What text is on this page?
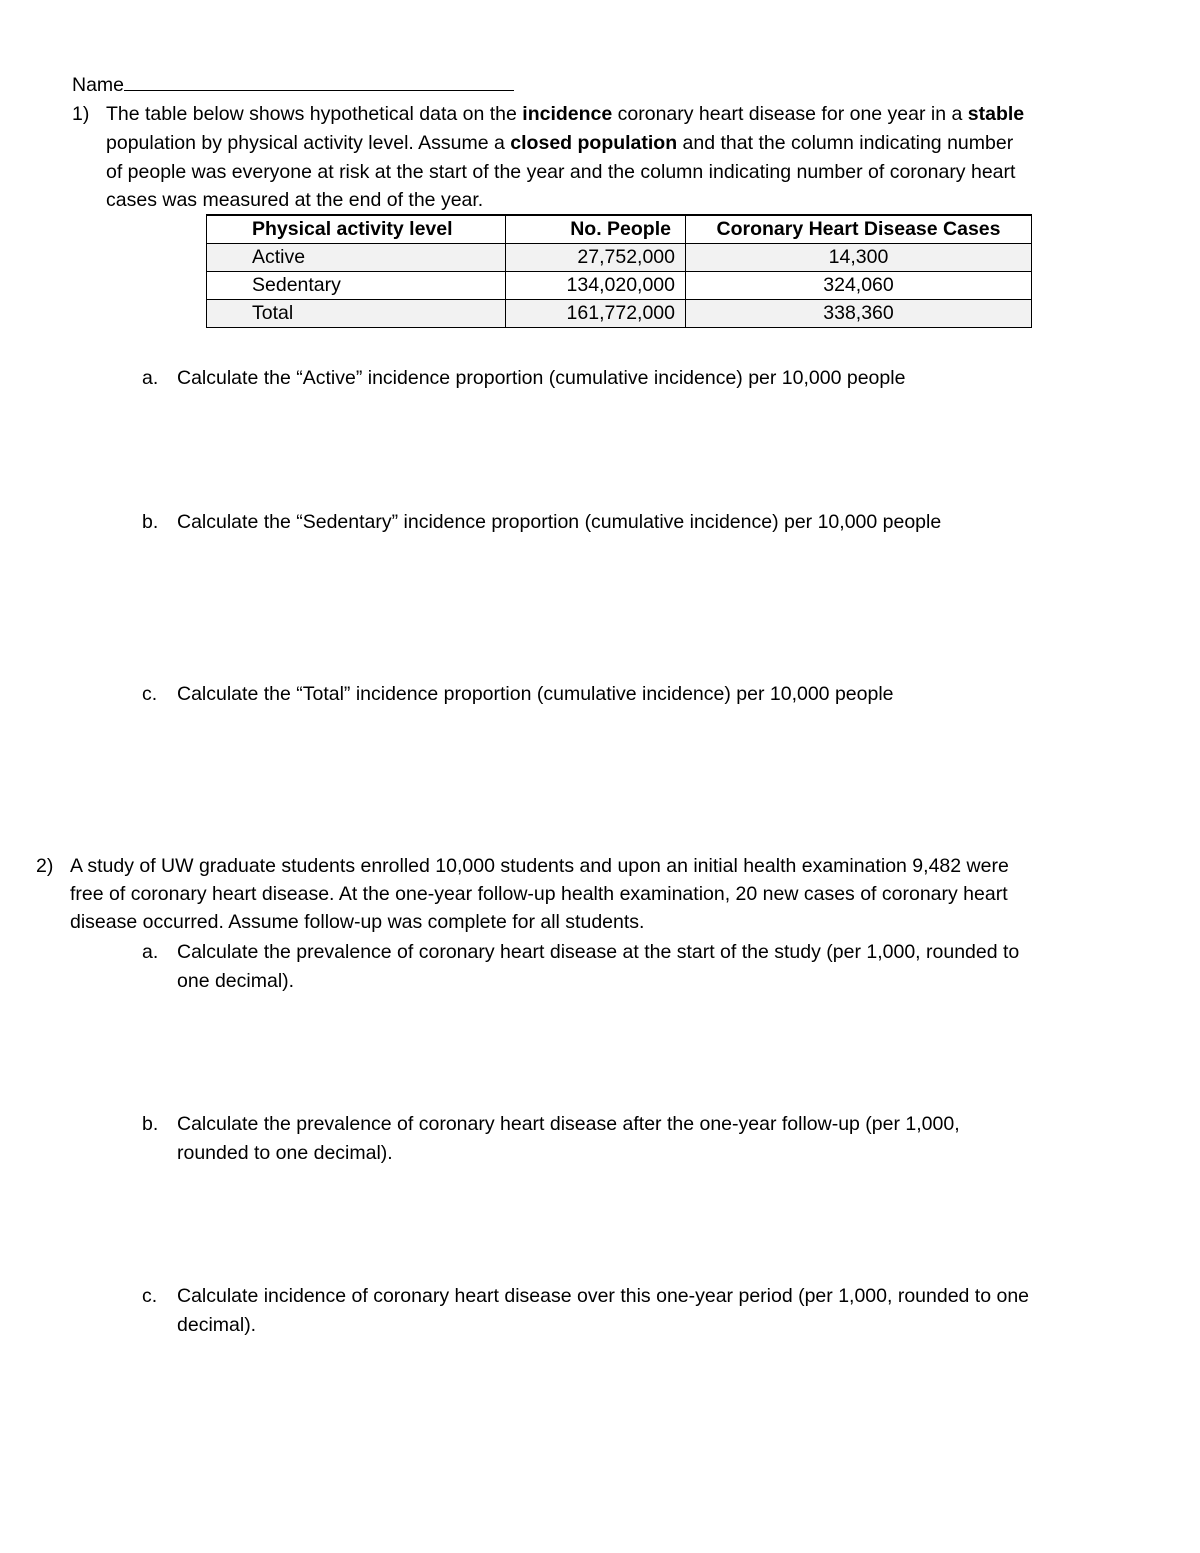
Name
1) The table below shows hypothetical data on the incidence coronary heart disease for one year in a stable
population by physical activity level. Assume a closed population and that the column indicating number
of people was everyone at risk at the start of the year and the column indicating number of coronary heart
cases was measured at the end of the year.
Physical activity level	No. People	Coronary Heart Disease Cases
Active	27,752,000	14,300
Sedentary	134,020,000	324,060
Total	161,772,000	338,360
a. Calculate the “Active” incidence proportion (cumulative incidence) per 10,000 people
b. Calculate the “Sedentary” incidence proportion (cumulative incidence) per 10,000 people
c. Calculate the “Total” incidence proportion (cumulative incidence) per 10,000 people
2) A study of UW graduate students enrolled 10,000 students and upon an initial health examination 9,482 were
free of coronary heart disease. At the one-year follow-up health examination, 20 new cases of coronary heart
disease occurred. Assume follow-up was complete for all students.
a. Calculate the prevalence of coronary heart disease at the start of the study (per 1,000, rounded to
one decimal).
b. Calculate the prevalence of coronary heart disease after the one-year follow-up (per 1,000,
rounded to one decimal).
c. Calculate incidence of coronary heart disease over this one-year period (per 1,000, rounded to one
decimal).
